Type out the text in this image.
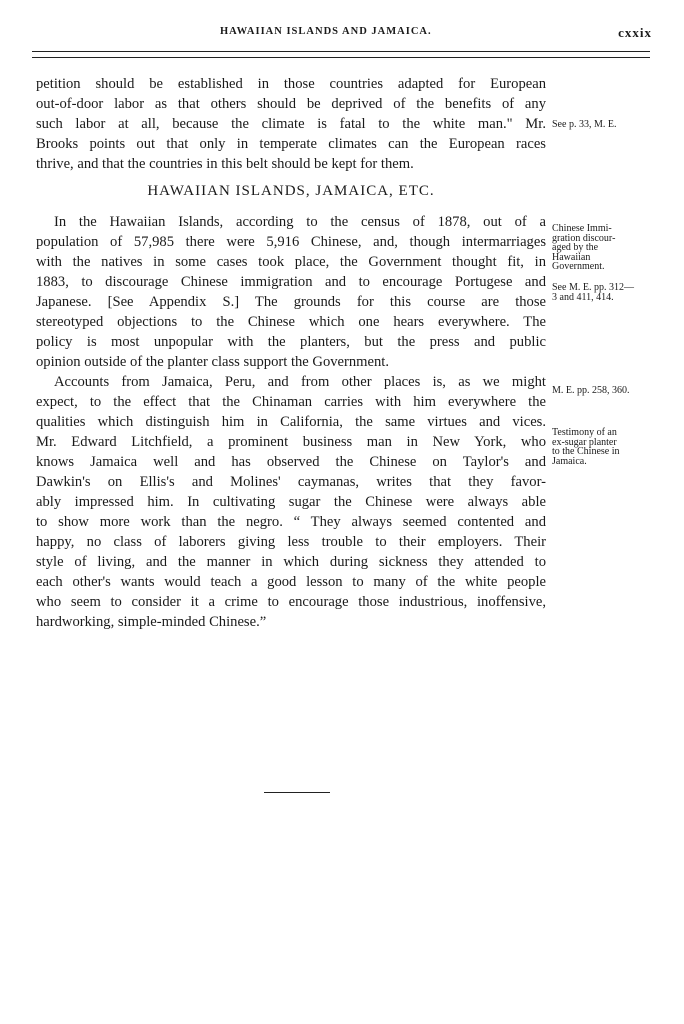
HAWAIIAN ISLANDS AND JAMAICA.	cxxix
petition should be established in those countries adapted for European
out-of-door labor as that others should be deprived of the benefits of any
such labor at all, because the climate is fatal to the white man." Mr.
Brooks points out that only in temperate climates can the European races
thrive, and that the countries in this belt should be kept for them.
HAWAIIAN ISLANDS, JAMAICA, ETC.
In the Hawaiian Islands, according to the census of 1878, out of a
population of 57,985 there were 5,916 Chinese, and, though intermarriages
with the natives in some cases took place, the Government thought fit, in
1883, to discourage Chinese immigration and to encourage Portugese and
Japanese. [See Appendix S.] The grounds for this course are those
stereotyped objections to the Chinese which one hears everywhere. The
policy is most unpopular with the planters, but the press and public
opinion outside of the planter class support the Government.
Accounts from Jamaica, Peru, and from other places is, as we might
expect, to the effect that the Chinaman carries with him everywhere the
qualities which distinguish him in California, the same virtues and vices.
Mr. Edward Litchfield, a prominent business man in New York, who
knows Jamaica well and has observed the Chinese on Taylor's and
Dawkin's on Ellis's and Molines' caymanas, writes that they favor-
ably impressed him. In cultivating sugar the Chinese were always able
to show more work than the negro. “ They always seemed contented and
happy, no class of laborers giving less trouble to their employers. Their
style of living, and the manner in which during sickness they attended to
each other's wants would teach a good lesson to many of the white people
who seem to consider it a crime to encourage those industrious, inoffensive,
hardworking, simple-minded Chinese.”
See p. 33, M. E.
Chinese Immi-
gration discour-
aged by the
Hawaiian
Government.
See M. E. pp. 312—
3 and 411, 414.
M. E. pp. 258, 360.
Testimony of an
ex-sugar planter
to the Chinese in
Jamaica.
